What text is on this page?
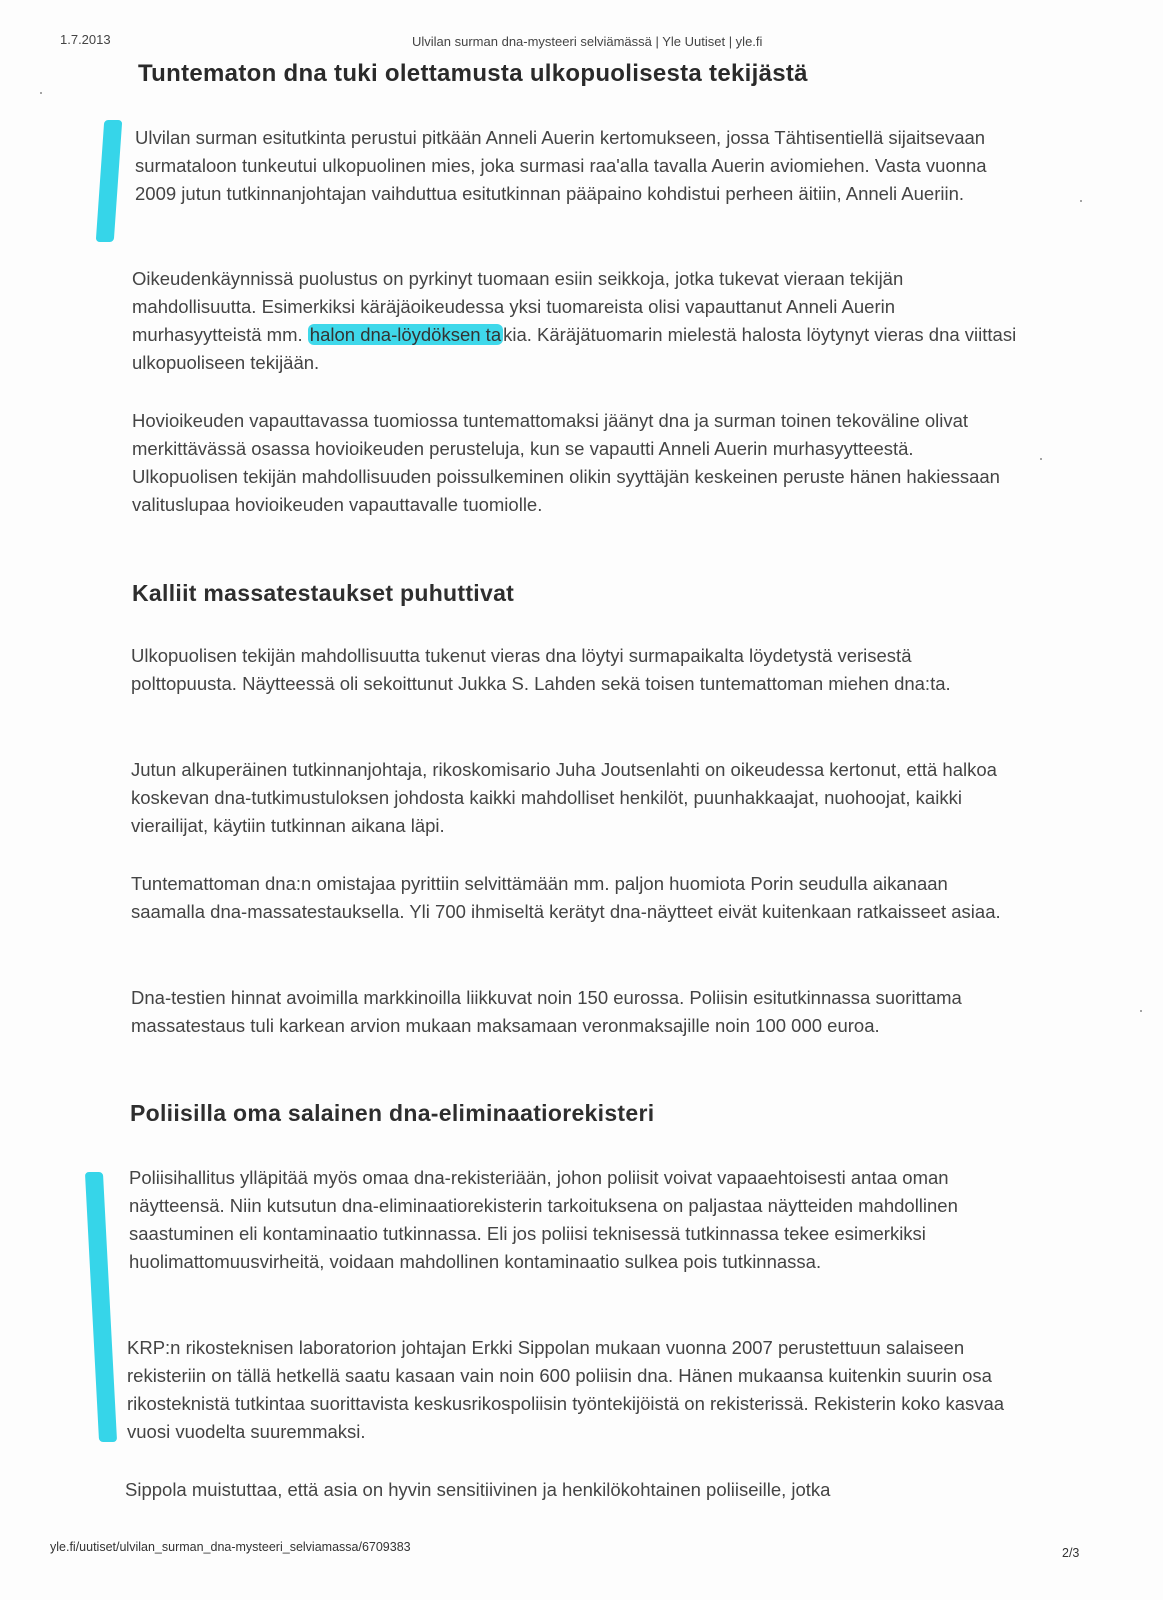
1.7.2013	Ulvilan surman dna-mysteeri selviämässä | Yle Uutiset | yle.fi
Tuntematon dna tuki olettamusta ulkopuolisesta tekijästä

Ulvilan surman esitutkinta perustui pitkään Anneli Auerin kertomukseen, jossa Tähtisentiellä sijaitsevaan surmataloon tunkeutui ulkopuolinen mies, joka surmasi raa'alla tavalla Auerin aviomiehen. Vasta vuonna 2009 jutun tutkinnanjohtajan vaihduttua esitutkinnan pääpaino kohdistui perheen äitiin, Anneli Aueriin.

Oikeudenkäynnissä puolustus on pyrkinyt tuomaan esiin seikkoja, jotka tukevat vieraan tekijän mahdollisuutta. Esimerkiksi käräjäoikeudessa yksi tuomareista olisi vapauttanut Anneli Auerin murhasyytteistä mm. halon dna-löydöksen ta kia. Käräjätuomarin mielestä halosta löytynyt vieras dna viittasi ulkopuoliseen tekijään.

Hovioikeuden vapauttavassa tuomiossa tuntemattomaksi jäänyt dna ja surman toinen tekoväline olivat merkittävässä osassa hovioikeuden perusteluja, kun se vapautti Anneli Auerin murhasyytteestä. Ulkopuolisen tekijän mahdollisuuden poissulkeminen olikin syyttäjän keskeinen peruste hänen hakiessaan valituslupaa hovioikeuden vapauttavalle tuomiolle.

Kalliit massatestaukset puhuttivat

Ulkopuolisen tekijän mahdollisuutta tukenut vieras dna löytyi surmapaikalta löydetystä verisestä polttopuusta. Näytteessä oli sekoittunut Jukka S. Lahden sekä toisen tuntemattoman miehen dna:ta.

Jutun alkuperäinen tutkinnanjohtaja, rikoskomisario Juha Joutsenlahti on oikeudessa kertonut, että halkoa koskevan dna-tutkimustuloksen johdosta kaikki mahdolliset henkilöt, puunhakkaajat, nuohoojat, kaikki vierailijat, käytiin tutkinnan aikana läpi.

Tuntemattoman dna:n omistajaa pyrittiin selvittämään mm. paljon huomiota Porin seudulla aikanaan saamalla dna-massatestauksella. Yli 700 ihmiseltä kerätyt dna-näytteet eivät kuitenkaan ratkaisseet asiaa.

Dna-testien hinnat avoimilla markkinoilla liikkuvat noin 150 eurossa. Poliisin esitutkinnassa suorittama massatestaus tuli karkean arvion mukaan maksamaan veronmaksajille noin 100 000 euroa.

Poliisilla oma salainen dna-eliminaatiorekisteri

Poliisihallitus ylläpitää myös omaa dna-rekisteriään, johon poliisit voivat vapaaehtoisesti antaa oman näytteensä. Niin kutsutun dna-eliminaatiorekisterin tarkoituksena on paljastaa näytteiden mahdollinen saastuminen eli kontaminaatio tutkinnassa. Eli jos poliisi teknisessä tutkinnassa tekee esimerkiksi huolimattomuusvirheitä, voidaan mahdollinen kontaminaatio sulkea pois tutkinnassa.

KRP:n rikosteknisen laboratorion johtajan Erkki Sippolan mukaan vuonna 2007 perustettuun salaiseen rekisteriin on tällä hetkellä saatu kasaan vain noin 600 poliisin dna. Hänen mukaansa kuitenkin suurin osa rikosteknistä tutkintaa suorittavista keskusrikospoliisin työntekijöistä on rekisterissä. Rekisterin koko kasvaa vuosi vuodelta suuremmaksi.

Sippola muistuttaa, että asia on hyvin sensitiivinen ja henkilökohtainen poliiseille, jotka

yle.fi/uutiset/ulvilan_surman_dna-mysteeri_selviamassa/6709383	2/3
